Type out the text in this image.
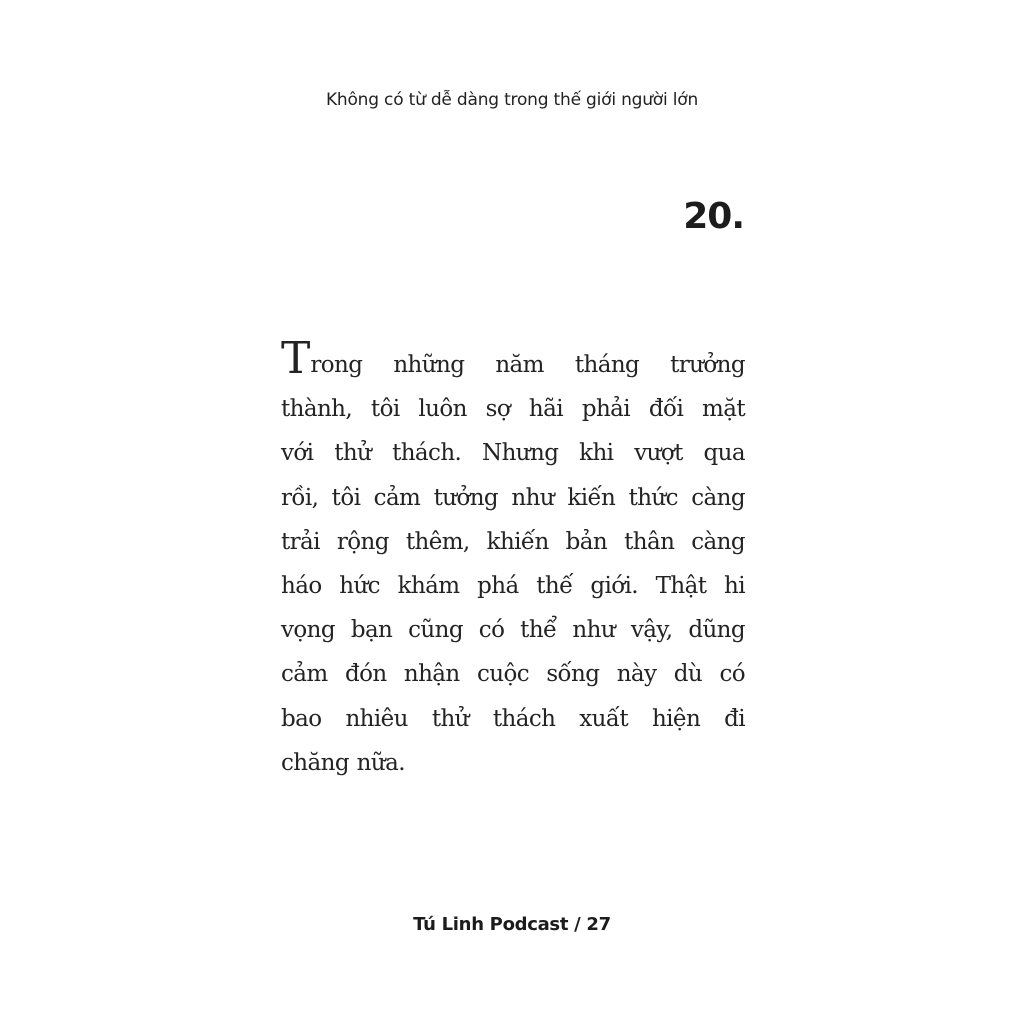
Không có từ dễ dàng trong thế giới người lớn
20.
Trong những năm tháng trưởng
thành, tôi luôn sợ hãi phải đối mặt
với thử thách. Nhưng khi vượt qua
rồi, tôi cảm tưởng như kiến thức càng
trải rộng thêm, khiến bản thân càng
háo hức khám phá thế giới. Thật hi
vọng bạn cũng có thể như vậy, dũng
cảm đón nhận cuộc sống này dù có
bao nhiêu thử thách xuất hiện đi
chăng nữa.
Tú Linh Podcast / 27
